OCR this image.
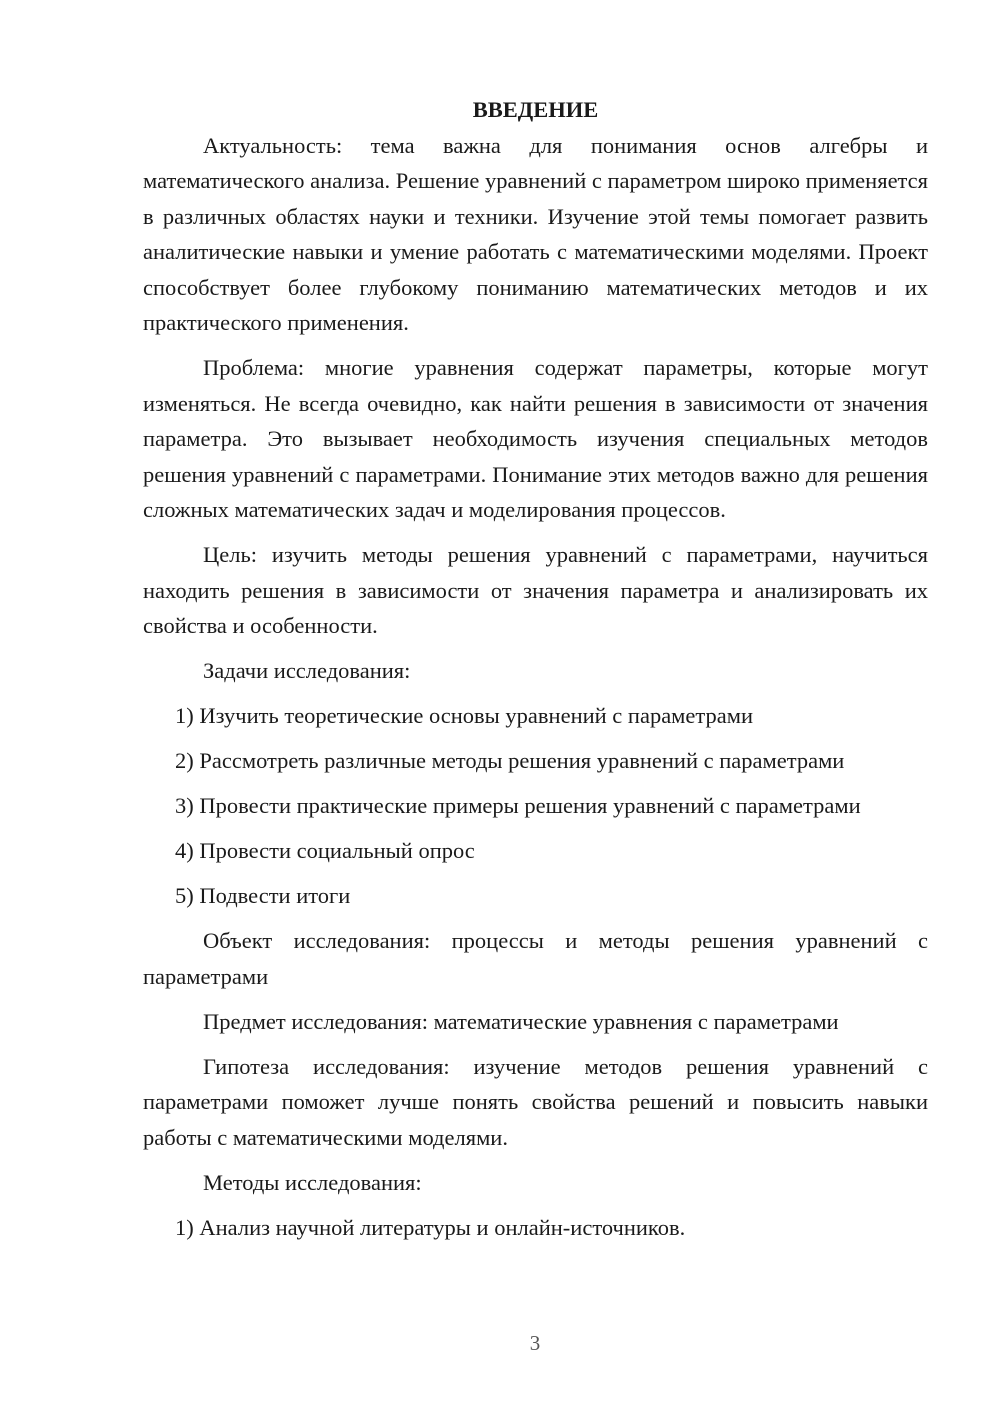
ВВЕДЕНИЕ

Актуальность: тема важна для понимания основ алгебры и математического анализа. Решение уравнений с параметром широко применяется в различных областях науки и техники. Изучение этой темы помогает развить аналитические навыки и умение работать с математическими моделями. Проект способствует более глубокому пониманию математических методов и их практического применения.

Проблема: многие уравнения содержат параметры, которые могут изменяться. Не всегда очевидно, как найти решения в зависимости от значения параметра. Это вызывает необходимость изучения специальных методов решения уравнений с параметрами. Понимание этих методов важно для решения сложных математических задач и моделирования процессов.

Цель: изучить методы решения уравнений с параметрами, научиться находить решения в зависимости от значения параметра и анализировать их свойства и особенности.

Задачи исследования:

1) Изучить теоретические основы уравнений с параметрами

2) Рассмотреть различные методы решения уравнений с параметрами

3) Провести практические примеры решения уравнений с параметрами

4) Провести социальный опрос

5) Подвести итоги

Объект исследования: процессы и методы решения уравнений с параметрами

Предмет исследования: математические уравнения с параметрами

Гипотеза исследования: изучение методов решения уравнений с параметрами поможет лучше понять свойства решений и повысить навыки работы с математическими моделями.

Методы исследования:

1) Анализ научной литературы и онлайн-источников.

3
